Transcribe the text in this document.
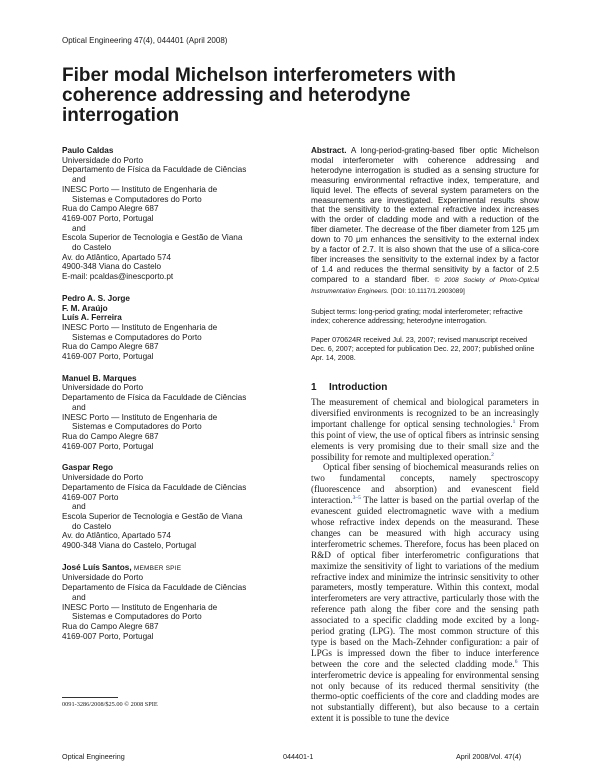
Optical Engineering 47(4), 044401 (April 2008)
Fiber modal Michelson interferometers with coherence addressing and heterodyne interrogation
Paulo Caldas
Universidade do Porto
Departamento de Física da Faculdade de Ciências
and
INESC Porto — Instituto de Engenharia de
Sistemas e Computadores do Porto
Rua do Campo Alegre 687
4169-007 Porto, Portugal
and
Escola Superior de Tecnologia e Gestão de Viana
do Castelo
Av. do Atlântico, Apartado 574
4900-348 Viana do Castelo
E-mail: pcaldas@inescporto.pt
Pedro A. S. Jorge
F. M. Araújo
Luís A. Ferreira
INESC Porto — Instituto de Engenharia de
Sistemas e Computadores do Porto
Rua do Campo Alegre 687
4169-007 Porto, Portugal
Manuel B. Marques
Universidade do Porto
Departamento de Física da Faculdade de Ciências
and
INESC Porto — Instituto de Engenharia de
Sistemas e Computadores do Porto
Rua do Campo Alegre 687
4169-007 Porto, Portugal
Gaspar Rego
Universidade do Porto
Departamento de Física da Faculdade de Ciências
4169-007 Porto
and
Escola Superior de Tecnologia e Gestão de Viana
do Castelo
Av. do Atlântico, Apartado 574
4900-348 Viana do Castelo, Portugal
José Luís Santos, MEMBER SPIE
Universidade do Porto
Departamento de Física da Faculdade de Ciências
and
INESC Porto — Instituto de Engenharia de
Sistemas e Computadores do Porto
Rua do Campo Alegre 687
4169-007 Porto, Portugal
0091-3286/2008/$25.00 © 2008 SPIE

Abstract. A long-period-grating-based fiber optic Michelson modal interferometer with coherence addressing and heterodyne interrogation is studied as a sensing structure for measuring environmental refractive index, temperature, and liquid level. The effects of several system parameters on the measurements are investigated. Experimental results show that the sensitivity to the external refractive index increases with the order of cladding mode and with a reduction of the fiber diameter. The decrease of the fiber diameter from 125 μm down to 70 μm enhances the sensitivity to the external index by a factor of 2.7. It is also shown that the use of a silica-core fiber increases the sensitivity to the external index by a factor of 1.4 and reduces the thermal sensitivity by a factor of 2.5 compared to a standard fiber. © 2008 Society of Photo-Optical Instrumentation Engineers. [DOI: 10.1117/1.2903089]

Subject terms: long-period grating; modal interferometer; refractive index; coherence addressing; heterodyne interrogation.

Paper 070624R received Jul. 23, 2007; revised manuscript received Dec. 6, 2007; accepted for publication Dec. 22, 2007; published online Apr. 14, 2008.

1 Introduction

The measurement of chemical and biological parameters in diversified environments is recognized to be an increasingly important challenge for optical sensing technologies.$^1$ From this point of view, the use of optical fibers as intrinsic sensing elements is very promising due to their small size and the possibility for remote and multiplexed operation.$^2$

Optical fiber sensing of biochemical measurands relies on two fundamental concepts, namely spectroscopy (fluorescence and absorption) and evanescent field interaction.$^{3-5}$ The latter is based on the partial overlap of the evanescent guided electromagnetic wave with a medium whose refractive index depends on the measurand. These changes can be measured with high accuracy using interferometric schemes. Therefore, focus has been placed on R&D of optical fiber interferometric configurations that maximize the sensitivity of light to variations of the medium refractive index and minimize the intrinsic sensitivity to other parameters, mostly temperature. Within this context, modal interferometers are very attractive, particularly those with the reference path along the fiber core and the sensing path associated to a specific cladding mode excited by a long-period grating (LPG). The most common structure of this type is based on the Mach-Zehnder configuration: a pair of LPGs is impressed down the fiber to induce interference between the core and the selected cladding mode.$^6$ This interferometric device is appealing for environmental sensing not only because of its reduced thermal sensitivity (the thermo-optic coefficients of the core and cladding modes are not substantially different), but also because to a certain extent it is possible to tune the device

Optical Engineering	044401-1	April 2008/Vol. 47(4)
